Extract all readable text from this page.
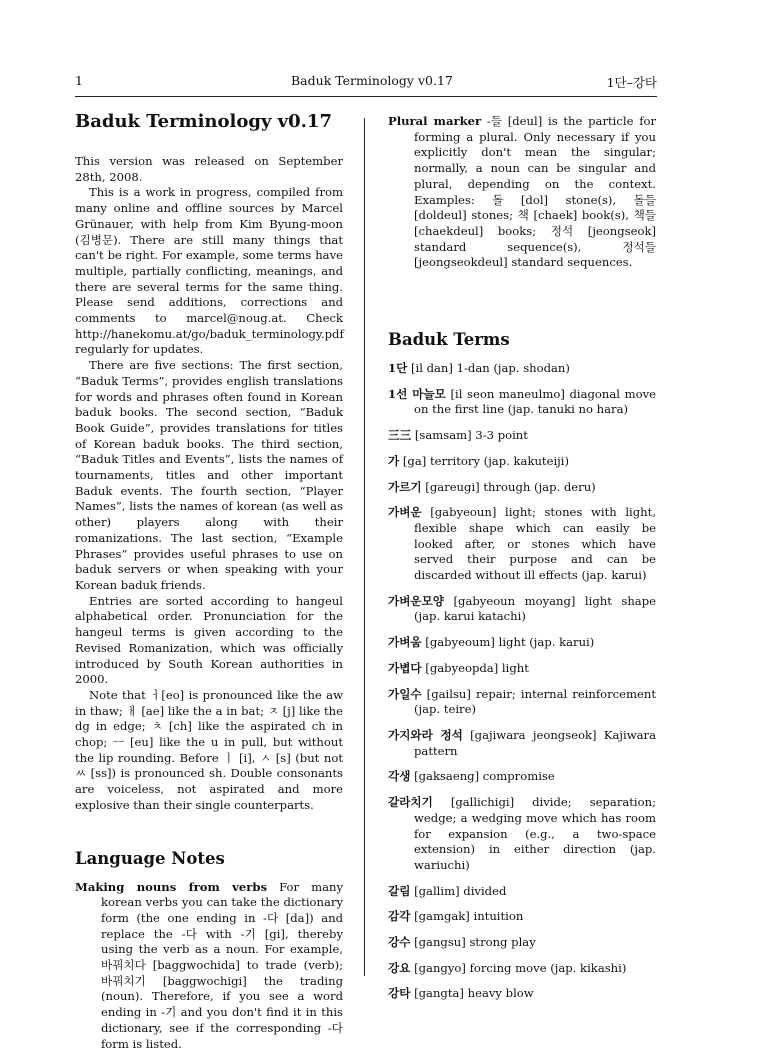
1	Baduk Terminology v0.17	1단–강타
Baduk Terminology v0.17

This version was released on September 28th, 2008.

This is a work in progress, compiled from many online and offline sources by Marcel Grünauer, with help from Kim Byung-moon (김병문). There are still many things that can't be right. For example, some terms have multiple, partially conflicting, meanings, and there are several terms for the same thing. Please send additions, corrections and comments to marcel@noug.at. Check http://hanekomu.at/go/baduk_terminology.pdf regularly for updates.

There are five sections: The first section, “Baduk Terms”, provides english translations for words and phrases often found in Korean baduk books. The second section, “Baduk Book Guide”, provides translations for titles of Korean baduk books. The third section, “Baduk Titles and Events”, lists the names of tournaments, titles and other important Baduk events. The fourth section, “Player Names”, lists the names of korean (as well as other) players along with their romanizations. The last section, “Example Phrases” provides useful phrases to use on baduk servers or when speaking with your Korean baduk friends.

Entries are sorted according to hangeul alphabetical order. Pronunciation for the hangeul terms is given according to the Revised Romanization, which was officially introduced by South Korean authorities in 2000.

Note that ㅓ[eo] is pronounced like the aw in thaw; ㅐ [ae] like the a in bat; ㅈ [j] like the dg in edge; ㅊ [ch] like the aspirated ch in chop; ㅡ [eu] like the u in pull, but without the lip rounding. Before ㅣ [i], ㅅ [s] (but not ㅆ [ss]) is pronounced sh. Double consonants are voiceless, not aspirated and more explosive than their single counterparts.

Language Notes

Making nouns from verbs For many korean verbs you can take the dictionary form (the one ending in -다 [da]) and replace the -다 with -기 [gi], thereby using the verb as a noun. For example, 바꿔치다 [baggwochida] to trade (verb); 바꿔치기 [baggwochigi] the trading (noun). Therefore, if you see a word ending in -기 and you don't find it in this dictionary, see if the corresponding -다 form is listed.

Plural marker -들 [deul] is the particle for forming a plural. Only necessary if you explicitly don't mean the singular; normally, a noun can be singular and plural, depending on the context. Examples: 돌 [dol] stone(s), 돌들 [doldeul] stones; 책 [chaek] book(s), 책들 [chaekdeul] books; 정석 [jeongseok] standard sequence(s), 정석들 [jeongseokdeul] standard sequences.

Baduk Terms

1단 [il dan] 1-dan (jap. shodan)

1선 마늘모 [il seon maneulmo] diagonal move on the first line (jap. tanuki no hara)

三三 [samsam] 3-3 point

가 [ga] territory (jap. kakuteiji)

가르기 [gareugi] through (jap. deru)

가벼운 [gabyeoun] light; stones with light, flexible shape which can easily be looked after, or stones which have served their purpose and can be discarded without ill effects (jap. karui)

가벼운모양 [gabyeoun moyang] light shape (jap. karui katachi)

가벼움 [gabyeoum] light (jap. karui)

가볍다 [gabyeopda] light

가일수 [gailsu] repair; internal reinforcement (jap. teire)

가지와라 정석 [gajiwara jeongseok] Kajiwara pattern

각생 [gaksaeng] compromise

갈라치기 [gallichigi] divide; separation; wedge; a wedging move which has room for expansion (e.g., a two-space extension) in either direction (jap. wariuchi)

갈림 [gallim] divided

감각 [gamgak] intuition

강수 [gangsu] strong play

강요 [gangyo] forcing move (jap. kikashi)

강타 [gangta] heavy blow
